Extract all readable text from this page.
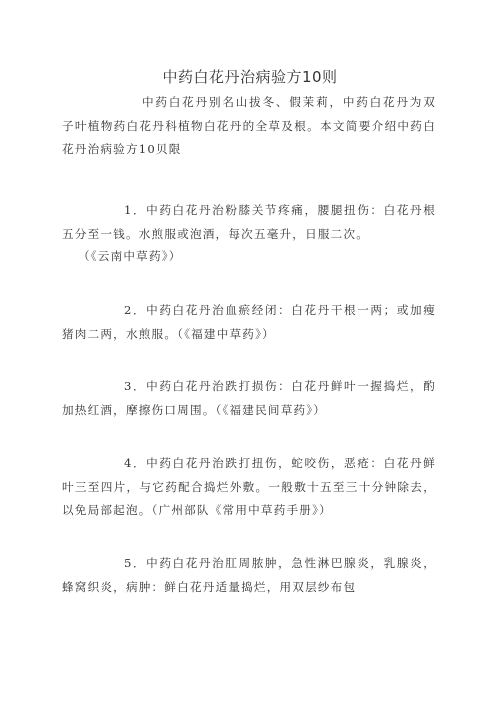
中药白花丹治病验方10则
中药白花丹别名山拔冬、假茉莉，中药白花丹为双子叶植物药白花丹科植物白花丹的全草及根。本文简要介绍中药白花丹治病验方10贝限
1．中药白花丹治粉膝关节疼痛，腰腿扭伤：白花丹根五分至一钱。水煎服或泡酒，每次五毫升，日服二次。
（《云南中草药》）
2．中药白花丹治血瘀经闭：白花丹干根一两；或加瘦猪肉二两，水煎服。（《福建中草药》）
3．中药白花丹治跌打损伤：白花丹鲜叶一握捣烂，酌加热红酒，摩擦伤口周围。（《福建民间草药》）
4．中药白花丹治跌打扭伤，蛇咬伤，恶疮：白花丹鲜叶三至四片，与它药配合捣烂外敷。一般敷十五至三十分钟除去，以免局部起泡。（广州部队《常用中草药手册》）
5．中药白花丹治肛周脓肿，急性淋巴腺炎，乳腺炎，蜂窝织炎，病肿：鲜白花丹适量捣烂，用双层纱布包
